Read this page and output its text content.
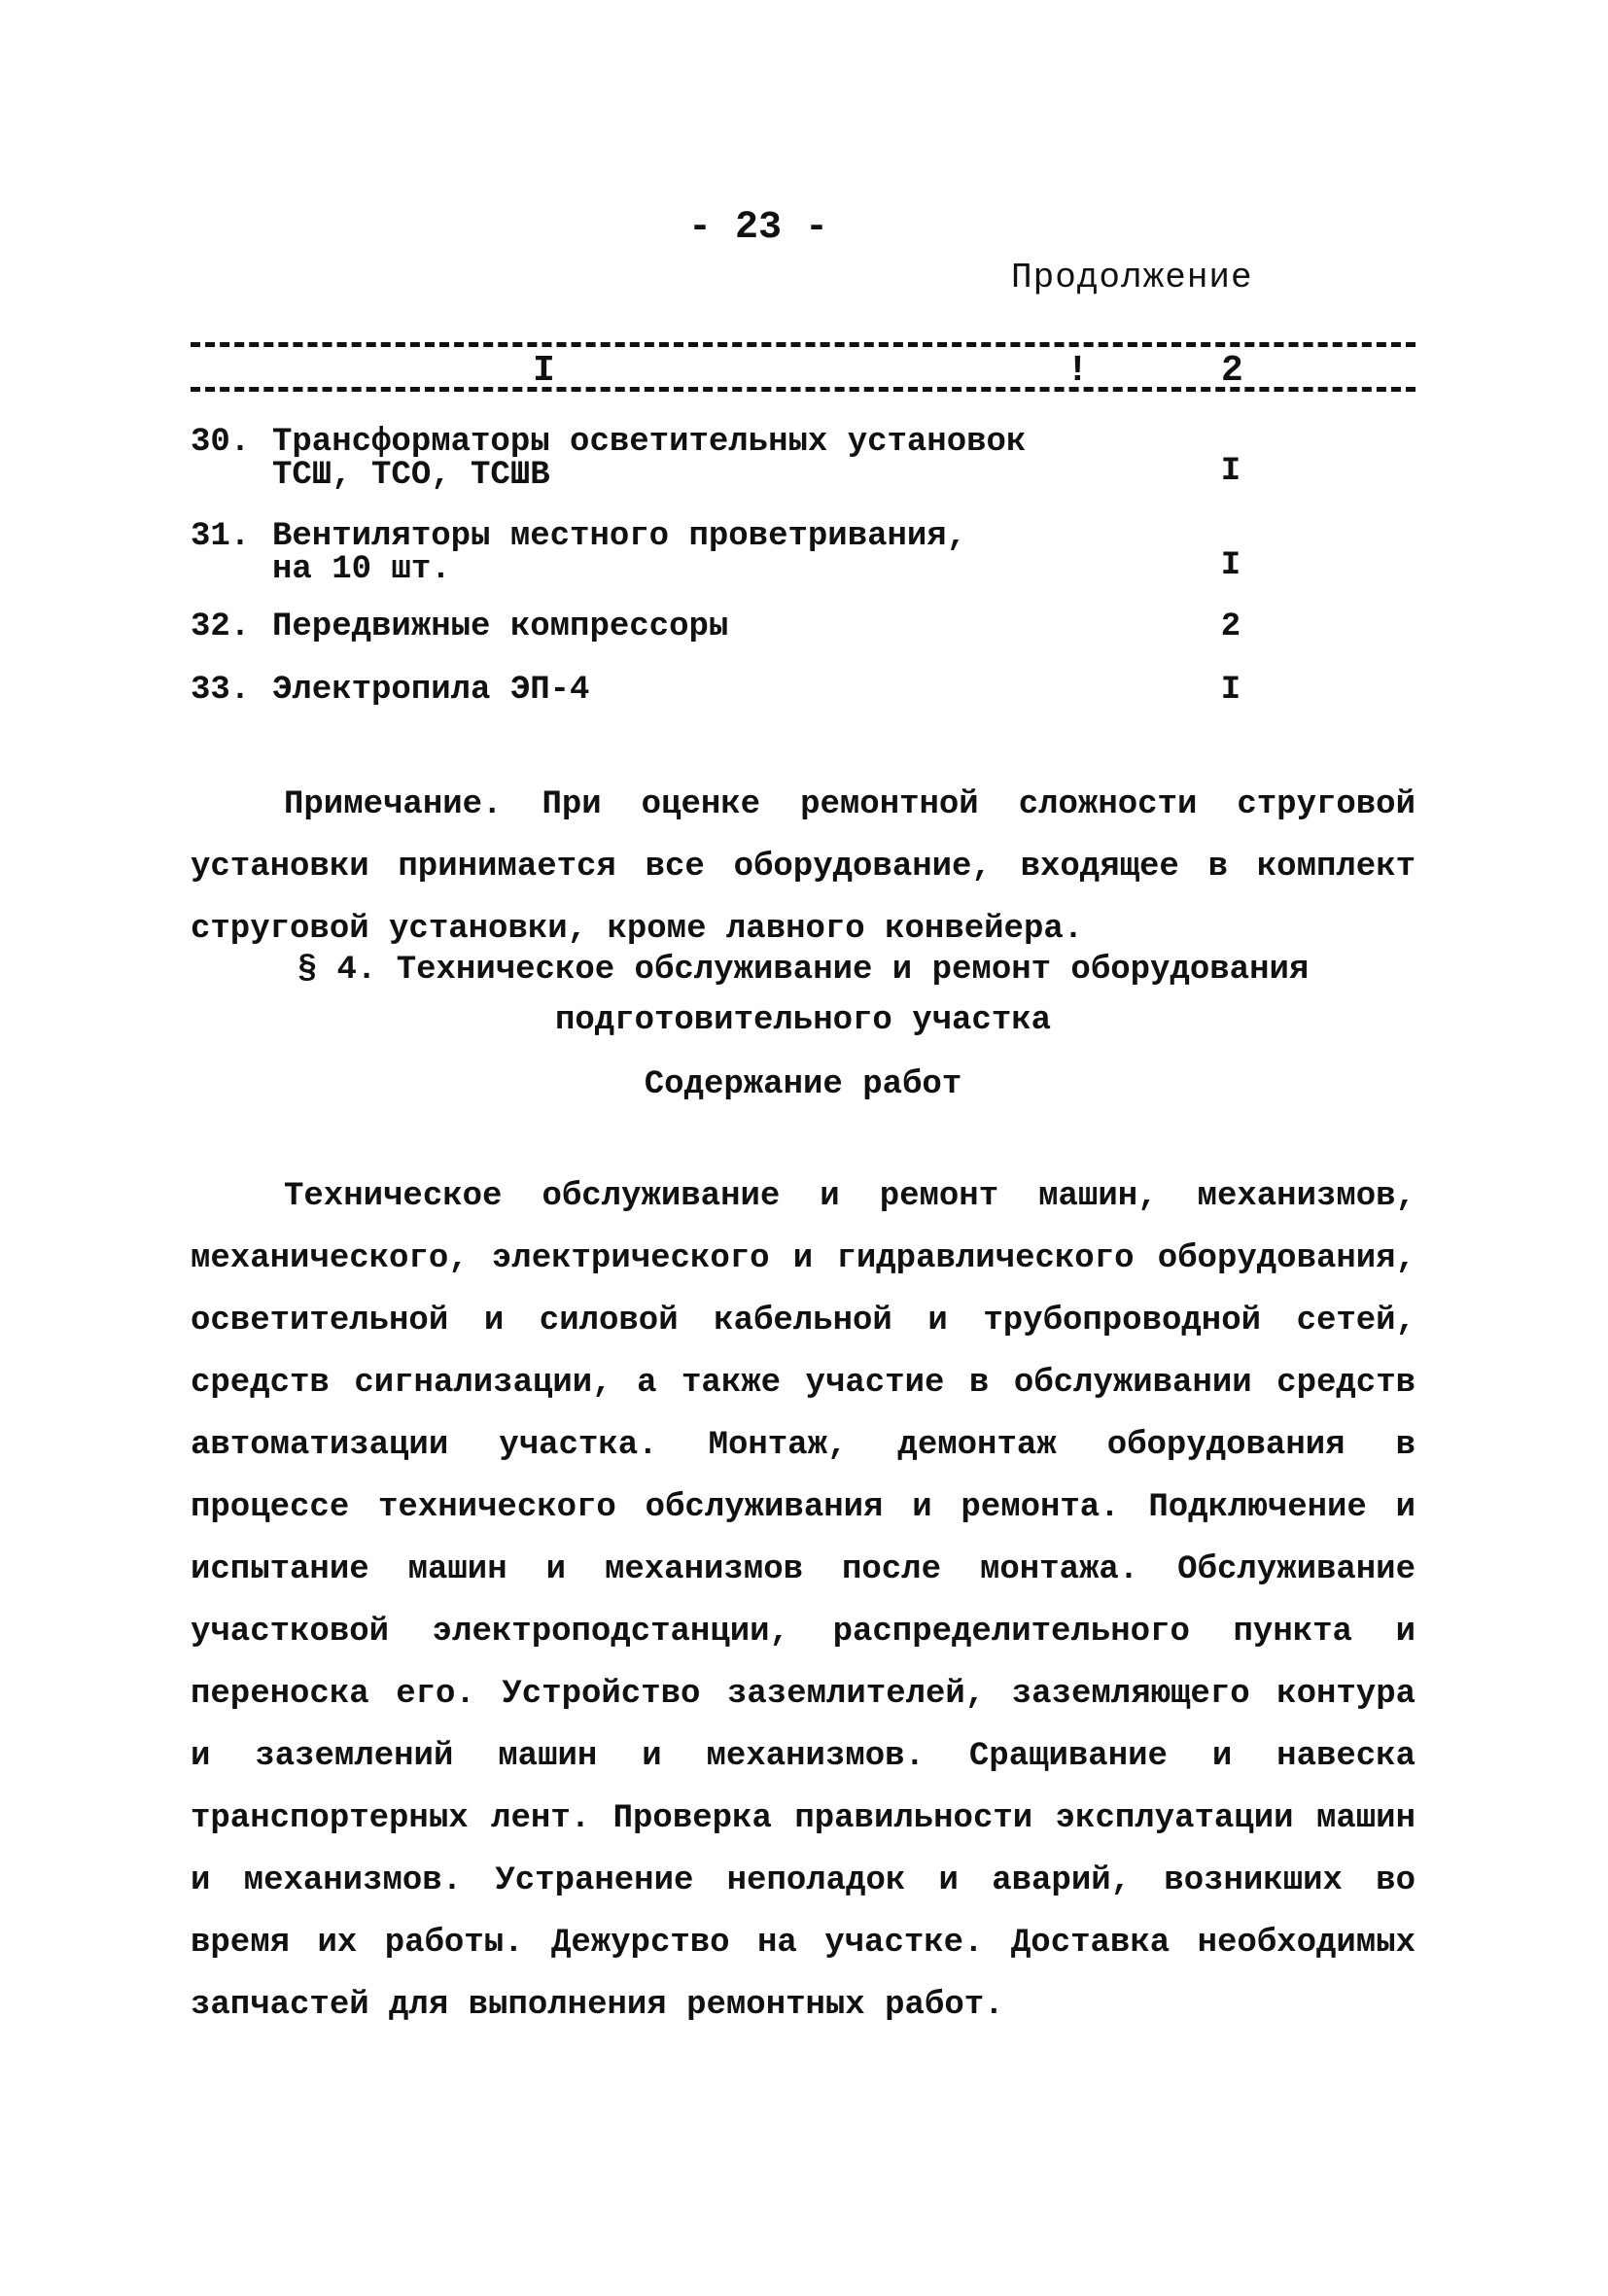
- 23 -
Продолжение
I	!	2
30. Трансформаторы осветительных установок
ТСШ, ТСО, ТСШВ	I
31. Вентиляторы местного проветривания,
на 10 шт.	I
32. Передвижные компрессоры	2
33. Электропила ЭП-4	I

Примечание. При оценке ремонтной сложности струговой установки принимается все оборудование, входящее в комплект струговой установки, кроме лавного конвейера.

§ 4. Техническое обслуживание и ремонт оборудования подготовительного участка
Содержание работ

Техническое обслуживание и ремонт машин, механизмов, механического, электрического и гидравлического оборудования, осветительной и силовой кабельной и трубопроводной сетей, средств сигнализации, а также участие в обслуживании средств автоматизации участка. Монтаж, демонтаж оборудования в процессе технического обслуживания и ремонта. Подключение и испытание машин и механизмов после монтажа. Обслуживание участковой электроподстанции, распределительного пункта и переноска его. Устройство заземлителей, заземляющего контура и заземлений машин и механизмов. Сращивание и навеска транспортерных лент. Проверка правильности эксплуатации машин и механизмов. Устранение неполадок и аварий, возникших во время их работы. Дежурство на участке. Доставка необходимых запчастей для выполнения ремонтных работ.
